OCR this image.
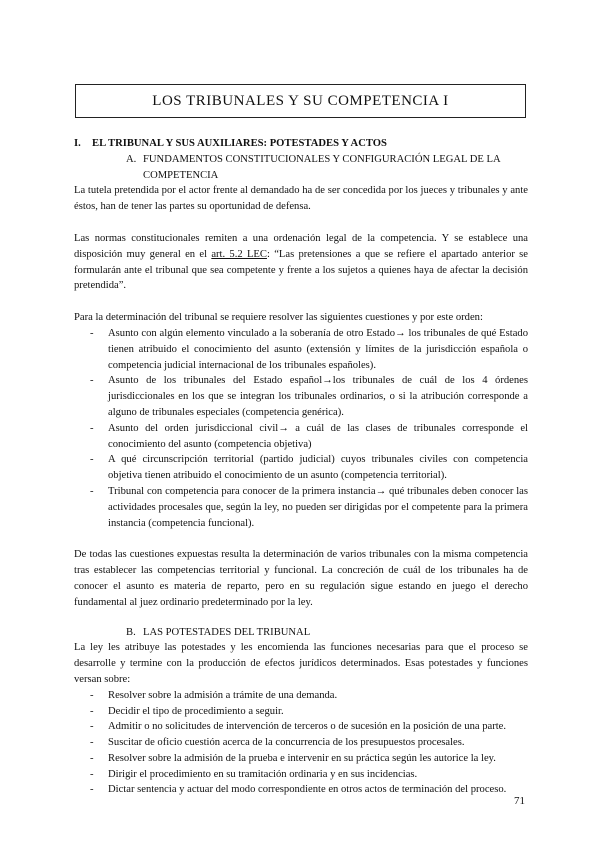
LOS TRIBUNALES Y SU COMPETENCIA I
I. EL TRIBUNAL Y SUS AUXILIARES: POTESTADES Y ACTOS
A. FUNDAMENTOS CONSTITUCIONALES Y CONFIGURACIÓN LEGAL DE LA COMPETENCIA

La tutela pretendida por el actor frente al demandado ha de ser concedida por los jueces y tribunales y ante éstos, han de tener las partes su oportunidad de defensa.

Las normas constitucionales remiten a una ordenación legal de la competencia. Y se establece una disposición muy general en el art. 5.2 LEC: “Las pretensiones a que se refiere el apartado anterior se formularán ante el tribunal que sea competente y frente a los sujetos a quienes haya de afectar la decisión pretendida”.

Para la determinación del tribunal se requiere resolver las siguientes cuestiones y por este orden:

- Asunto con algún elemento vinculado a la soberanía de otro Estado→ los tribunales de qué Estado tienen atribuido el conocimiento del asunto (extensión y límites de la jurisdicción española o competencia judicial internacional de los tribunales españoles).
- Asunto de los tribunales del Estado español→los tribunales de cuál de los 4 órdenes jurisdiccionales en los que se integran los tribunales ordinarios, o si la atribución corresponde a alguno de tribunales especiales (competencia genérica).
- Asunto del orden jurisdiccional civil→ a cuál de las clases de tribunales corresponde el conocimiento del asunto (competencia objetiva)
- A qué circunscripción territorial (partido judicial) cuyos tribunales civiles con competencia objetiva tienen atribuido el conocimiento de un asunto (competencia territorial).
- Tribunal con competencia para conocer de la primera instancia→ qué tribunales deben conocer las actividades procesales que, según la ley, no pueden ser dirigidas por el competente para la primera instancia (competencia funcional).

De todas las cuestiones expuestas resulta la determinación de varios tribunales con la misma competencia tras establecer las competencias territorial y funcional. La concreción de cuál de los tribunales ha de conocer el asunto es materia de reparto, pero en su regulación sigue estando en juego el derecho fundamental al juez ordinario predeterminado por la ley.

B. LAS POTESTADES DEL TRIBUNAL

La ley les atribuye las potestades y les encomienda las funciones necesarias para que el proceso se desarrolle y termine con la producción de efectos jurídicos determinados. Esas potestades y funciones versan sobre:

- Resolver sobre la admisión a trámite de una demanda.
- Decidir el tipo de procedimiento a seguir.
- Admitir o no solicitudes de intervención de terceros o de sucesión en la posición de una parte.
- Suscitar de oficio cuestión acerca de la concurrencia de los presupuestos procesales.
- Resolver sobre la admisión de la prueba e intervenir en su práctica según les autorice la ley.
- Dirigir el procedimiento en su tramitación ordinaria y en sus incidencias.
- Dictar sentencia y actuar del modo correspondiente en otros actos de terminación del proceso.
71
